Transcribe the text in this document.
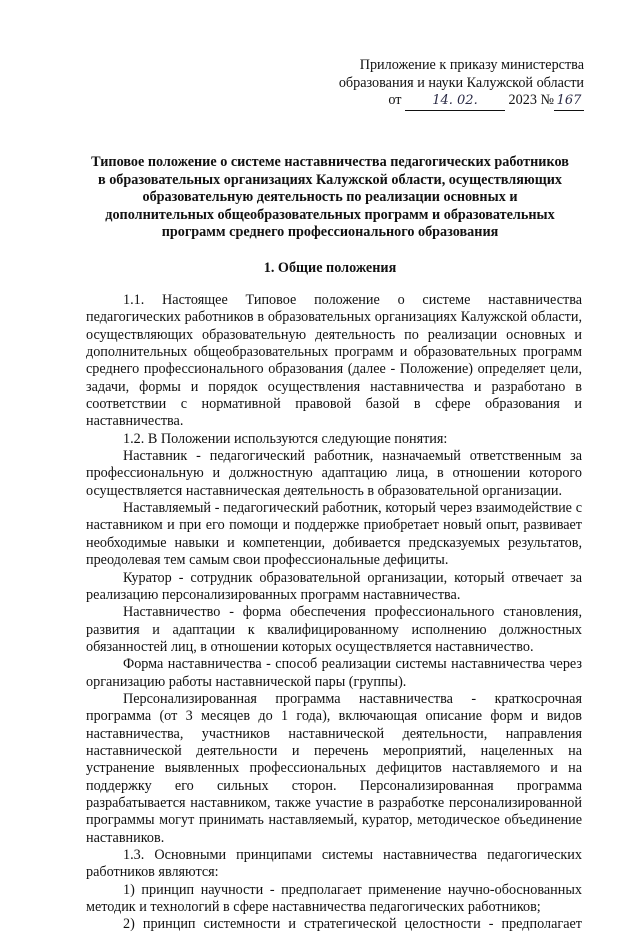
Приложение к приказу министерства
образования и науки Калужской области
от 14. 02. 2023 № 167
Типовое положение о системе наставничества педагогических работников
в образовательных организациях Калужской области, осуществляющих
образовательную деятельность по реализации основных и
дополнительных общеобразовательных программ и образовательных
программ среднего профессионального образования
1. Общие положения

1.1. Настоящее Типовое положение о системе наставничества педагогических работников в образовательных организациях Калужской области, осуществляющих образовательную деятельность по реализации основных и дополнительных общеобразовательных программ и образовательных программ среднего профессионального образования (далее - Положение) определяет цели, задачи, формы и порядок осуществления наставничества и разработано в соответствии с нормативной правовой базой в сфере образования и наставничества.

1.2. В Положении используются следующие понятия:

Наставник - педагогический работник, назначаемый ответственным за профессиональную и должностную адаптацию лица, в отношении которого осуществляется наставническая деятельность в образовательной организации.

Наставляемый - педагогический работник, который через взаимодействие с наставником и при его помощи и поддержке приобретает новый опыт, развивает необходимые навыки и компетенции, добивается предсказуемых результатов, преодолевая тем самым свои профессиональные дефициты.

Куратор - сотрудник образовательной организации, который отвечает за реализацию персонализированных программ наставничества.

Наставничество - форма обеспечения профессионального становления, развития и адаптации к квалифицированному исполнению должностных обязанностей лиц, в отношении которых осуществляется наставничество.

Форма наставничества - способ реализации системы наставничества через организацию работы наставнической пары (группы).

Персонализированная программа наставничества - краткосрочная программа (от 3 месяцев до 1 года), включающая описание форм и видов наставничества, участников наставнической деятельности, направления наставнической деятельности и перечень мероприятий, нацеленных на устранение выявленных профессиональных дефицитов наставляемого и на поддержку его сильных сторон. Персонализированная программа разрабатывается наставником, также участие в разработке персонализированной программы могут принимать наставляемый, куратор, методическое объединение наставников.

1.3. Основными принципами системы наставничества педагогических работников являются:

1) принцип научности - предполагает применение научно-обоснованных методик и технологий в сфере наставничества педагогических работников;

2) принцип системности и стратегической целостности - предполагает
